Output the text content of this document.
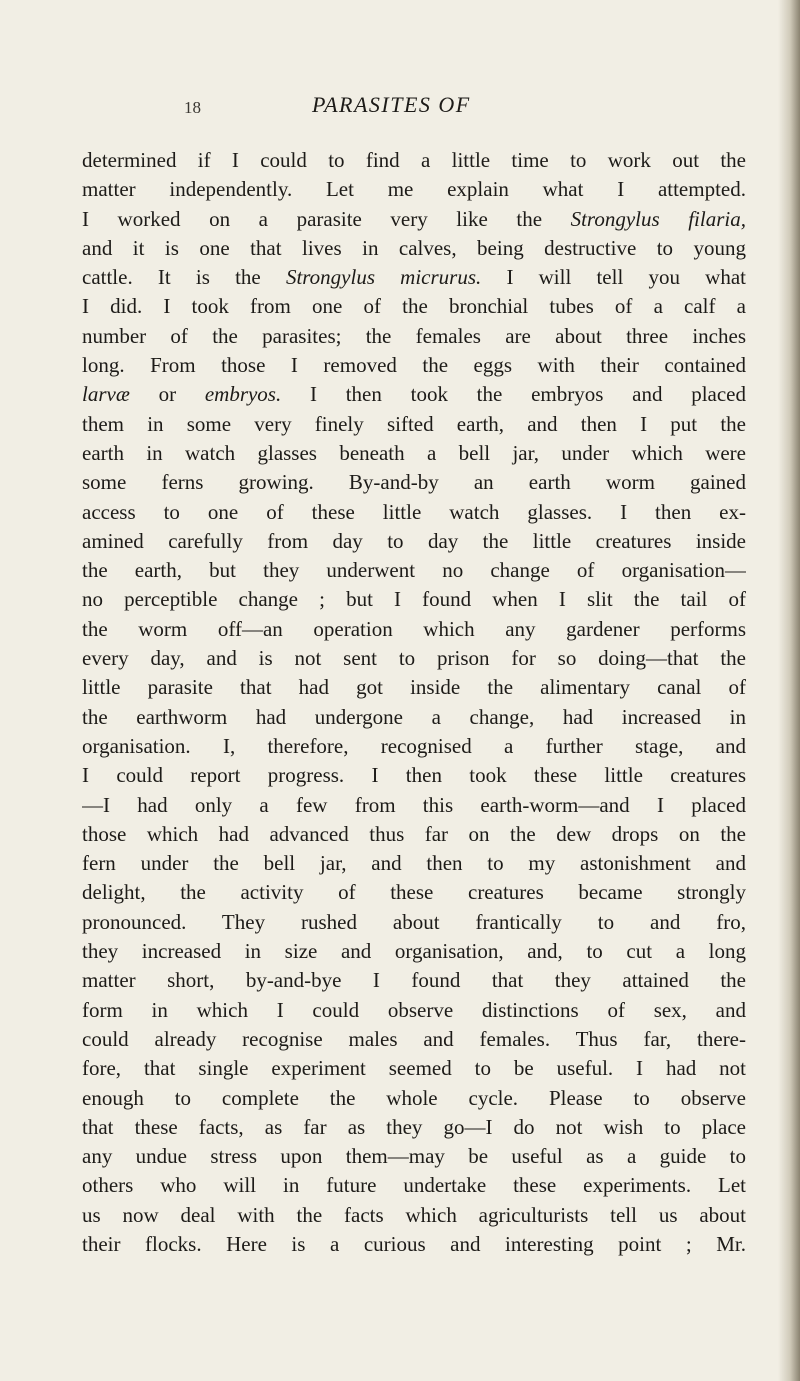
18	PARASITES OF
determined if I could to find a little time to work out the
matter independently. Let me explain what I attempted.
I worked on a parasite very like the Strongylus filaria,
and it is one that lives in calves, being destructive to young
cattle. It is the Strongylus micrurus. I will tell you what
I did. I took from one of the bronchial tubes of a calf a
number of the parasites; the females are about three inches
long. From those I removed the eggs with their contained
larvæ or embryos. I then took the embryos and placed
them in some very finely sifted earth, and then I put the
earth in watch glasses beneath a bell jar, under which were
some ferns growing. By-and-by an earth worm gained
access to one of these little watch glasses. I then ex-
amined carefully from day to day the little creatures inside
the earth, but they underwent no change of organisation—
no perceptible change ; but I found when I slit the tail of
the worm off—an operation which any gardener performs
every day, and is not sent to prison for so doing—that the
little parasite that had got inside the alimentary canal of
the earthworm had undergone a change, had increased in
organisation. I, therefore, recognised a further stage, and
I could report progress. I then took these little creatures
—I had only a few from this earth-worm—and I placed
those which had advanced thus far on the dew drops on the
fern under the bell jar, and then to my astonishment and
delight, the activity of these creatures became strongly
pronounced. They rushed about frantically to and fro,
they increased in size and organisation, and, to cut a long
matter short, by-and-bye I found that they attained the
form in which I could observe distinctions of sex, and
could already recognise males and females. Thus far, there-
fore, that single experiment seemed to be useful. I had not
enough to complete the whole cycle. Please to observe
that these facts, as far as they go—I do not wish to place
any undue stress upon them—may be useful as a guide to
others who will in future undertake these experiments. Let
us now deal with the facts which agriculturists tell us about
their flocks. Here is a curious and interesting point ; Mr.
